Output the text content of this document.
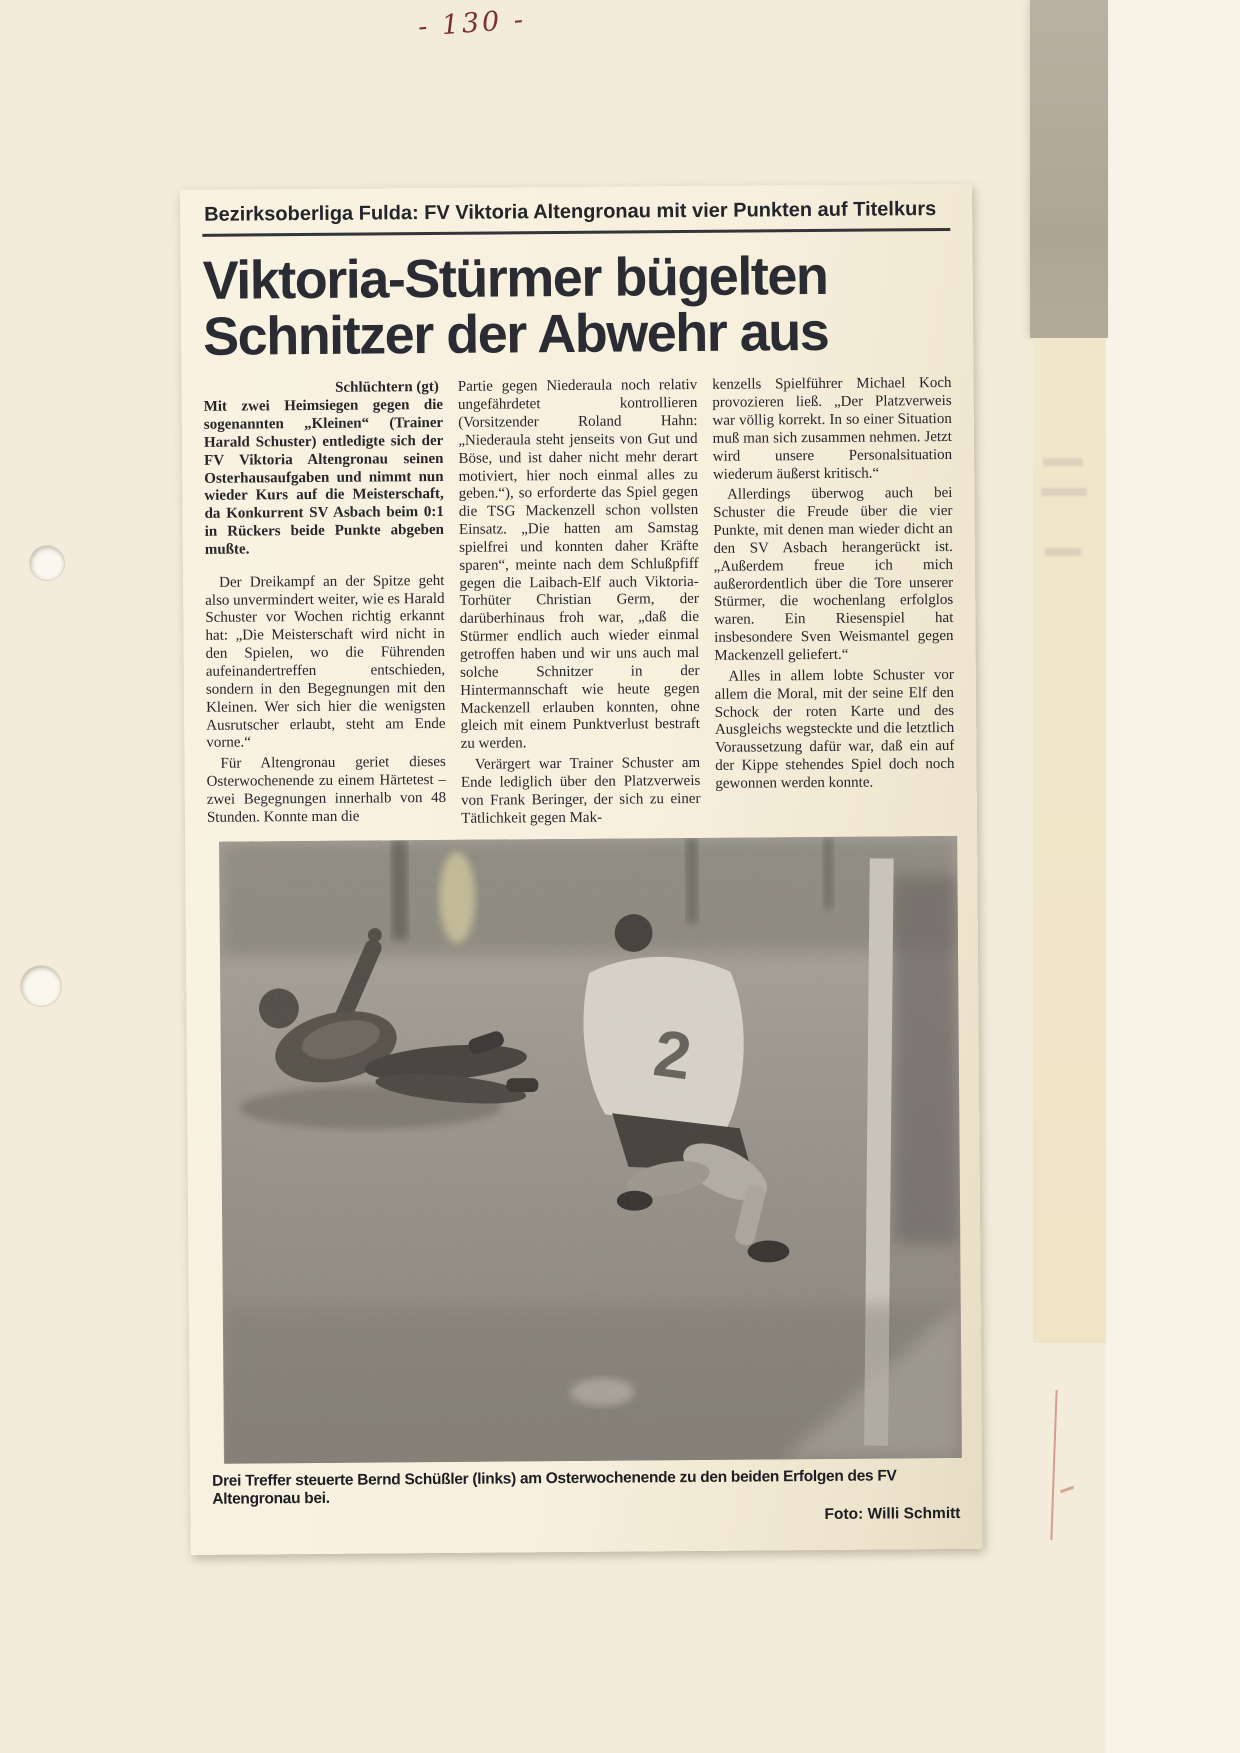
- 130 -
Bezirksoberliga Fulda: FV Viktoria Altengronau mit vier Punkten auf Titelkurs
Viktoria-Stürmer bügelten Schnitzer der Abwehr aus
Schlüchtern (gt)

Mit zwei Heimsiegen gegen die sogenannten „Kleinen“ (Trainer Harald Schuster) entledigte sich der FV Viktoria Altengronau seinen Osterhausaufgaben und nimmt nun wieder Kurs auf die Meisterschaft, da Konkurrent SV Asbach beim 0:1 in Rückers beide Punkte abgeben mußte.

Der Dreikampf an der Spitze geht also unvermindert weiter, wie es Harald Schuster vor Wochen richtig erkannt hat: „Die Meisterschaft wird nicht in den Spielen, wo die Führenden aufeinandertreffen entschieden, sondern in den Begegnungen mit den Kleinen. Wer sich hier die wenigsten Ausrutscher erlaubt, steht am Ende vorne.“

Für Altengronau geriet dieses Osterwochenende zu einem Härtetest – zwei Begegnungen innerhalb von 48 Stunden. Konnte man die

Partie gegen Niederaula noch relativ ungefährdetet kontrollieren (Vorsitzender Roland Hahn: „Niederaula steht jenseits von Gut und Böse, und ist daher nicht mehr derart motiviert, hier noch einmal alles zu geben.“), so erforderte das Spiel gegen die TSG Mackenzell schon vollsten Einsatz. „Die hatten am Samstag spielfrei und konnten daher Kräfte sparen“, meinte nach dem Schlußpfiff gegen die Laibach-Elf auch Viktoria-Torhüter Christian Germ, der darüberhinaus froh war, „daß die Stürmer endlich auch wieder einmal getroffen haben und wir uns auch mal solche Schnitzer in der Hintermannschaft wie heute gegen Mackenzell erlauben konnten, ohne gleich mit einem Punktverlust bestraft zu werden.

Verärgert war Trainer Schuster am Ende lediglich über den Platzverweis von Frank Beringer, der sich zu einer Tätlichkeit gegen Mak-

kenzells Spielführer Michael Koch provozieren ließ. „Der Platzverweis war völlig korrekt. In so einer Situation muß man sich zusammen nehmen. Jetzt wird unsere Personalsituation wiederum äußerst kritisch.“

Allerdings überwog auch bei Schuster die Freude über die vier Punkte, mit denen man wieder dicht an den SV Asbach herangerückt ist. „Außerdem freue ich mich außerordentlich über die Tore unserer Stürmer, die wochenlang erfolglos waren. Ein Riesenspiel hat insbesondere Sven Weismantel gegen Mackenzell geliefert.“

Alles in allem lobte Schuster vor allem die Moral, mit der seine Elf den Schock der roten Karte und des Ausgleichs wegsteckte und die letztlich Voraussetzung dafür war, daß ein auf der Kippe stehendes Spiel doch noch gewonnen werden konnte.

2
Drei Treffer steuerte Bernd Schüßler (links) am Osterwochenende zu den beiden Erfolgen des FV Altengronau bei.
Foto: Willi Schmitt
